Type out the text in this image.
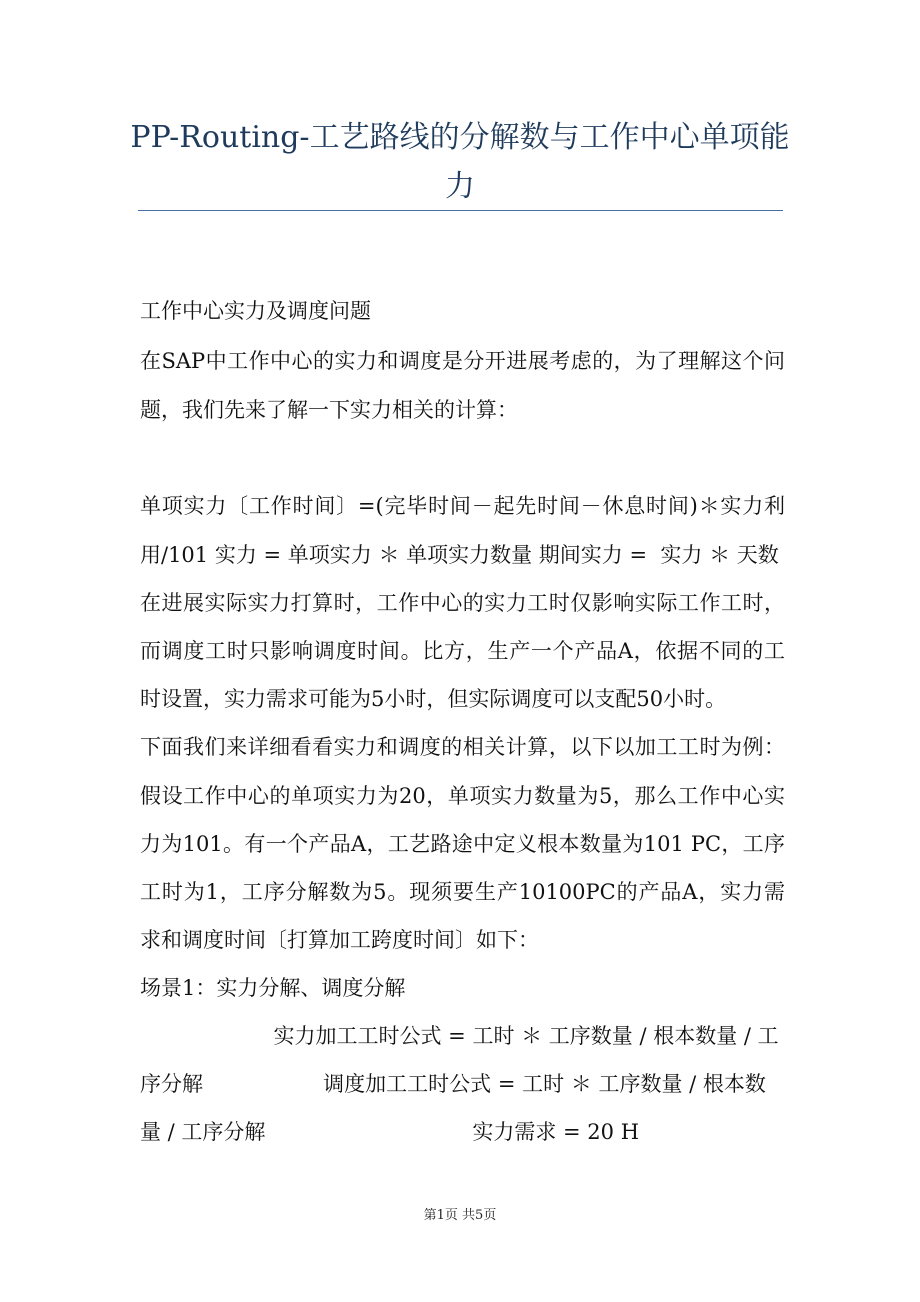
PP-Routing-工艺路线的分解数与工作中心单项能
力
工作中心实力及调度问题
在SAP中工作中心的实力和调度是分开进展考虑的，为了理解这个问
题，我们先来了解一下实力相关的计算：
单项实力〔工作时间〕=(完毕时间－起先时间－休息时间)＊实力利
用/101 实力 = 单项实力 ＊ 单项实力数量 期间实力 =  实力 ＊ 天数
在进展实际实力打算时，工作中心的实力工时仅影响实际工作工时，
而调度工时只影响调度时间。比方，生产一个产品A，依据不同的工
时设置，实力需求可能为5小时，但实际调度可以支配50小时。
下面我们来详细看看实力和调度的相关计算，以下以加工工时为例：
假设工作中心的单项实力为20，单项实力数量为5，那么工作中心实
力为101。有一个产品A，工艺路途中定义根本数量为101 PC，工序
工时为1，工序分解数为5。现须要生产10100PC的产品A，实力需
求和调度时间〔打算加工跨度时间〕如下：
场景1：实力分解、调度分解
实力加工工时公式 = 工时 ＊ 工序数量 / 根本数量 / 工
序分解                  调度加工工时公式 = 工时 ＊ 工序数量 / 根本数
量 / 工序分解                               实力需求 = 20 H
第1页 共5页
